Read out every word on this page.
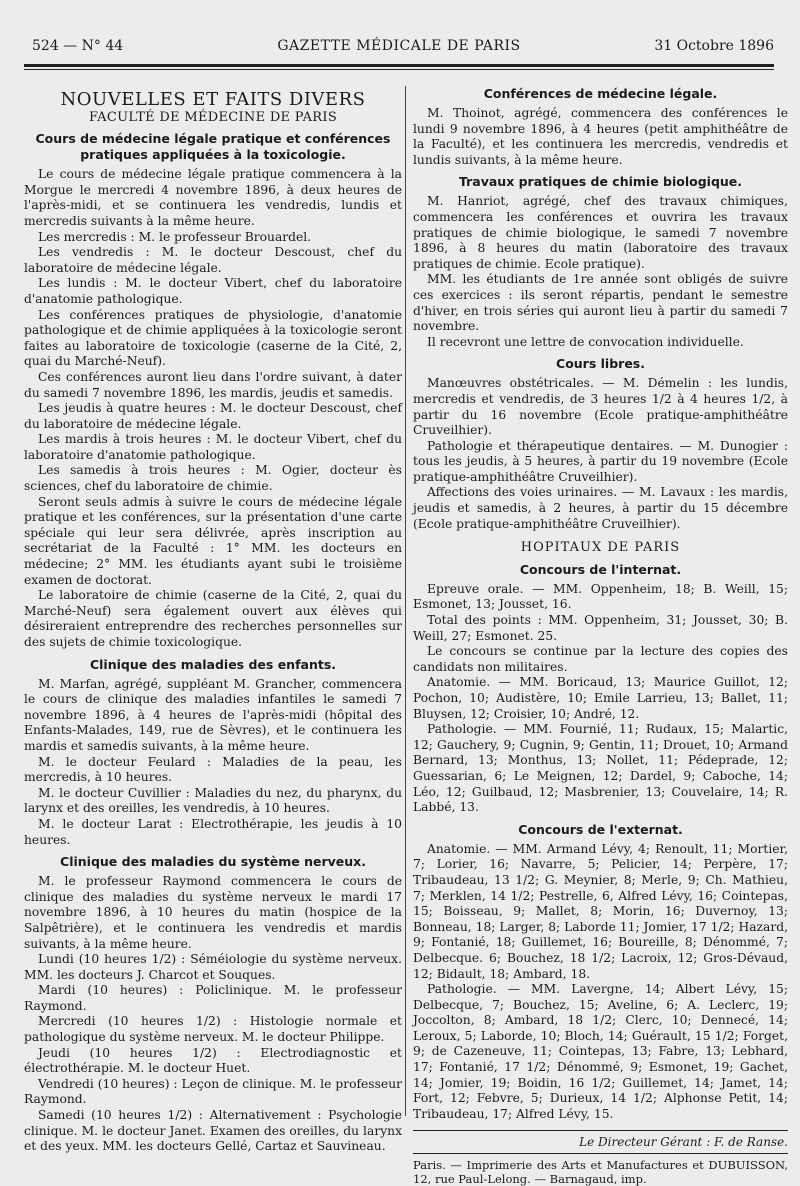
524 — N° 44	GAZETTE MÉDICALE DE PARIS	31 Octobre 1896

NOUVELLES ET FAITS DIVERS

FACULTÉ DE MÉDECINE DE PARIS

Cours de médecine légale pratique et conférences pratiques appliquées à la toxicologie.

Le cours de médecine légale pratique commencera à la Morgue le mercredi 4 novembre 1896, à deux heures de l'après-midi, et se continuera les vendredis, lundis et mercredis suivants à la même heure.

Les mercredis : M. le professeur Brouardel.

Les vendredis : M. le docteur Descoust, chef du laboratoire de médecine légale.

Les lundis : M. le docteur Vibert, chef du laboratoire d'anatomie pathologique.

Les conférences pratiques de physiologie, d'anatomie pathologique et de chimie appliquées à la toxicologie seront faites au laboratoire de toxicologie (caserne de la Cité, 2, quai du Marché-Neuf).

Ces conférences auront lieu dans l'ordre suivant, à dater du samedi 7 novembre 1896, les mardis, jeudis et samedis.

Les jeudis à quatre heures : M. le docteur Descoust, chef du laboratoire de médecine légale.

Les mardis à trois heures : M. le docteur Vibert, chef du laboratoire d'anatomie pathologique.

Les samedis à trois heures : M. Ogier, docteur ès sciences, chef du laboratoire de chimie.

Seront seuls admis à suivre le cours de médecine légale pratique et les conférences, sur la présentation d'une carte spéciale qui leur sera délivrée, après inscription au secrétariat de la Faculté : 1° MM. les docteurs en médecine; 2° MM. les étudiants ayant subi le troisième examen de doctorat.

Le laboratoire de chimie (caserne de la Cité, 2, quai du Marché-Neuf) sera également ouvert aux élèves qui désireraient entreprendre des recherches personnelles sur des sujets de chimie toxicologique.

Clinique des maladies des enfants.

M. Marfan, agrégé, suppléant M. Grancher, commencera le cours de clinique des maladies infantiles le samedi 7 novembre 1896, à 4 heures de l'après-midi (hôpital des Enfants-Malades, 149, rue de Sèvres), et le continuera les mardis et samedis suivants, à la même heure.

M. le docteur Feulard : Maladies de la peau, les mercredis, à 10 heures.

M. le docteur Cuvillier : Maladies du nez, du pharynx, du larynx et des oreilles, les vendredis, à 10 heures.

M. le docteur Larat : Electrothérapie, les jeudis à 10 heures.

Clinique des maladies du système nerveux.

M. le professeur Raymond commencera le cours de clinique des maladies du système nerveux le mardi 17 novembre 1896, à 10 heures du matin (hospice de la Salpêtrière), et le continuera les vendredis et mardis suivants, à la même heure.

Lundi (10 heures 1/2) : Séméiologie du système nerveux. MM. les docteurs J. Charcot et Souques.

Mardi (10 heures) : Policlinique. M. le professeur Raymond.

Mercredi (10 heures 1/2) : Histologie normale et pathologique du système nerveux. M. le docteur Philippe.

Jeudi (10 heures 1/2) : Electrodiagnostic et électrothérapie. M. le docteur Huet.

Vendredi (10 heures) : Leçon de clinique. M. le professeur Raymond.

Samedi (10 heures 1/2) : Alternativement : Psychologie clinique. M. le docteur Janet. Examen des oreilles, du larynx et des yeux. MM. les docteurs Gellé, Cartaz et Sauvineau.

Conférences de médecine légale.

M. Thoinot, agrégé, commencera des conférences le lundi 9 novembre 1896, à 4 heures (petit amphithéâtre de la Faculté), et les continuera les mercredis, vendredis et lundis suivants, à la même heure.

Travaux pratiques de chimie biologique.

M. Hanriot, agrégé, chef des travaux chimiques, commencera les conférences et ouvrira les travaux pratiques de chimie biologique, le samedi 7 novembre 1896, à 8 heures du matin (laboratoire des travaux pratiques de chimie. Ecole pratique).

MM. les étudiants de 1re année sont obligés de suivre ces exercices : ils seront répartis, pendant le semestre d'hiver, en trois séries qui auront lieu à partir du samedi 7 novembre.

Il recevront une lettre de convocation individuelle.

Cours libres.

Manœuvres obstétricales. — M. Démelin : les lundis, mercredis et vendredis, de 3 heures 1/2 à 4 heures 1/2, à partir du 16 novembre (Ecole pratique-amphithéâtre Cruveilhier).

Pathologie et thérapeutique dentaires. — M. Dunogier : tous les jeudis, à 5 heures, à partir du 19 novembre (Ecole pratique-amphithéâtre Cruveilhier).

Affections des voies urinaires. — M. Lavaux : les mardis, jeudis et samedis, à 2 heures, à partir du 15 décembre (Ecole pratique-amphithéâtre Cruveilhier).

HOPITAUX DE PARIS

Concours de l'internat.

Epreuve orale. — MM. Oppenheim, 18; B. Weill, 15; Esmonet, 13; Jousset, 16.

Total des points : MM. Oppenheim, 31; Jousset, 30; B. Weill, 27; Esmonet. 25.

Le concours se continue par la lecture des copies des candidats non militaires.

Anatomie. — MM. Boricaud, 13; Maurice Guillot, 12; Pochon, 10; Audistère, 10; Emile Larrieu, 13; Ballet, 11; Bluysen, 12; Croisier, 10; André, 12.

Pathologie. — MM. Fournié, 11; Rudaux, 15; Malartic, 12; Gauchery, 9; Cugnin, 9; Gentin, 11; Drouet, 10; Armand Bernard, 13; Monthus, 13; Nollet, 11; Pédeprade, 12; Guessarian, 6; Le Meignen, 12; Dardel, 9; Caboche, 14; Léo, 12; Guilbaud, 12; Masbrenier, 13; Couvelaire, 14; R. Labbé, 13.

Concours de l'externat.

Anatomie. — MM. Armand Lévy, 4; Renoult, 11; Mortier, 7; Lorier, 16; Navarre, 5; Pelicier, 14; Perpère, 17; Tribaudeau, 13 1/2; G. Meynier, 8; Merle, 9; Ch. Mathieu, 7; Merklen, 14 1/2; Pestrelle, 6, Alfred Lévy, 16; Cointepas, 15; Boisseau, 9; Mallet, 8; Morin, 16; Duvernoy, 13; Bonneau, 18; Larger, 8; Laborde 11; Jomier, 17 1/2; Hazard, 9; Fontanié, 18; Guillemet, 16; Boureille, 8; Dénommé, 7; Delbecque. 6; Bouchez, 18 1/2; Lacroix, 12; Gros-Dévaud, 12; Bidault, 18; Ambard, 18.

Pathologie. — MM. Lavergne, 14; Albert Lévy, 15; Delbecque, 7; Bouchez, 15; Aveline, 6; A. Leclerc, 19; Joccolton, 8; Ambard, 18 1/2; Clerc, 10; Dennecé, 14; Leroux, 5; Laborde, 10; Bloch, 14; Guérault, 15 1/2; Forget, 9; de Cazeneuve, 11; Cointepas, 13; Fabre, 13; Lebhard, 17; Fontanié, 17 1/2; Dénommé, 9; Esmonet, 19; Gachet, 14; Jomier, 19; Boidin, 16 1/2; Guillemet, 14; Jamet, 14; Fort, 12; Febvre, 5; Durieux, 14 1/2; Alphonse Petit, 14; Tribaudeau, 17; Alfred Lévy, 15.

Le Directeur Gérant : F. de Ranse.

Paris. — Imprimerie des Arts et Manufactures et DUBUISSON, 12, rue Paul-Lelong. — Barnagaud, imp.
